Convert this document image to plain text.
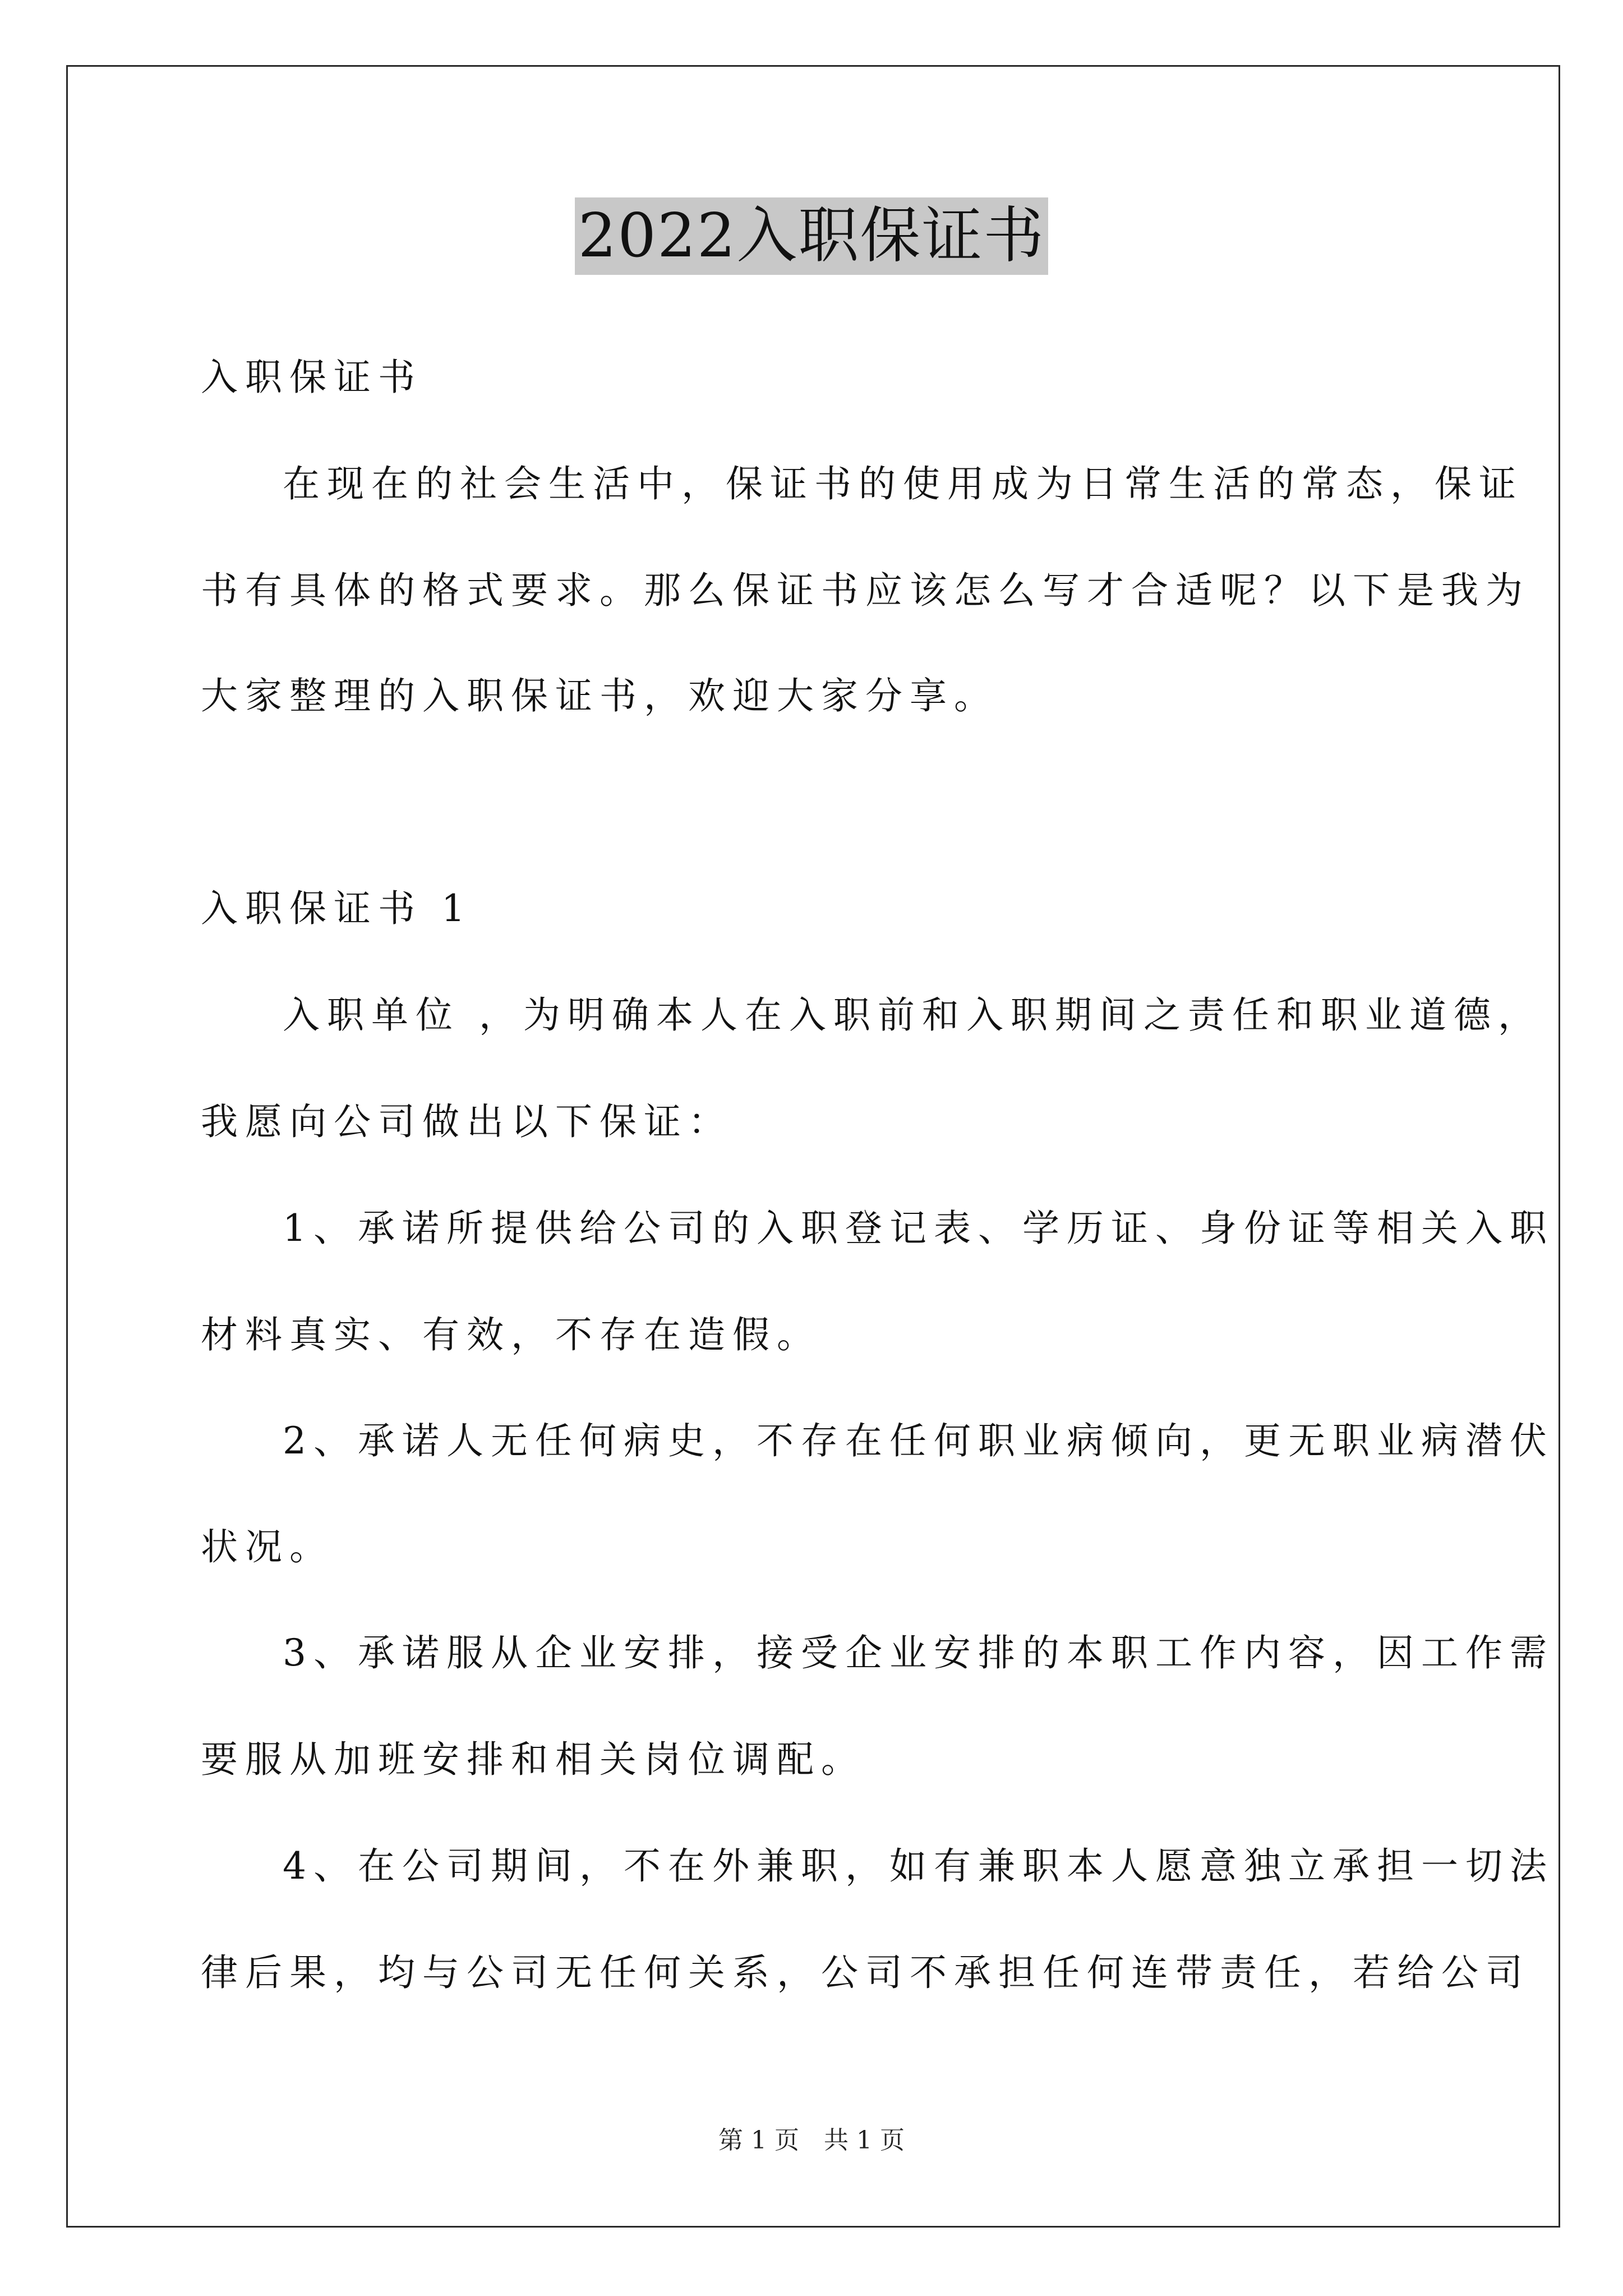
2022入职保证书
入职保证书
在现在的社会生活中，保证书的使用成为日常生活的常态，保证
书有具体的格式要求。那么保证书应该怎么写才合适呢？以下是我为
大家整理的入职保证书，欢迎大家分享。
入职保证书 1
入职单位 ，为明确本人在入职前和入职期间之责任和职业道德，
我愿向公司做出以下保证：
1、承诺所提供给公司的入职登记表、学历证、身份证等相关入职
材料真实、有效，不存在造假。
2、承诺人无任何病史，不存在任何职业病倾向，更无职业病潜伏
状况。
3、承诺服从企业安排，接受企业安排的本职工作内容，因工作需
要服从加班安排和相关岗位调配。
4、在公司期间，不在外兼职，如有兼职本人愿意独立承担一切法
律后果，均与公司无任何关系，公司不承担任何连带责任，若给公司
第 1 页　共 1 页
